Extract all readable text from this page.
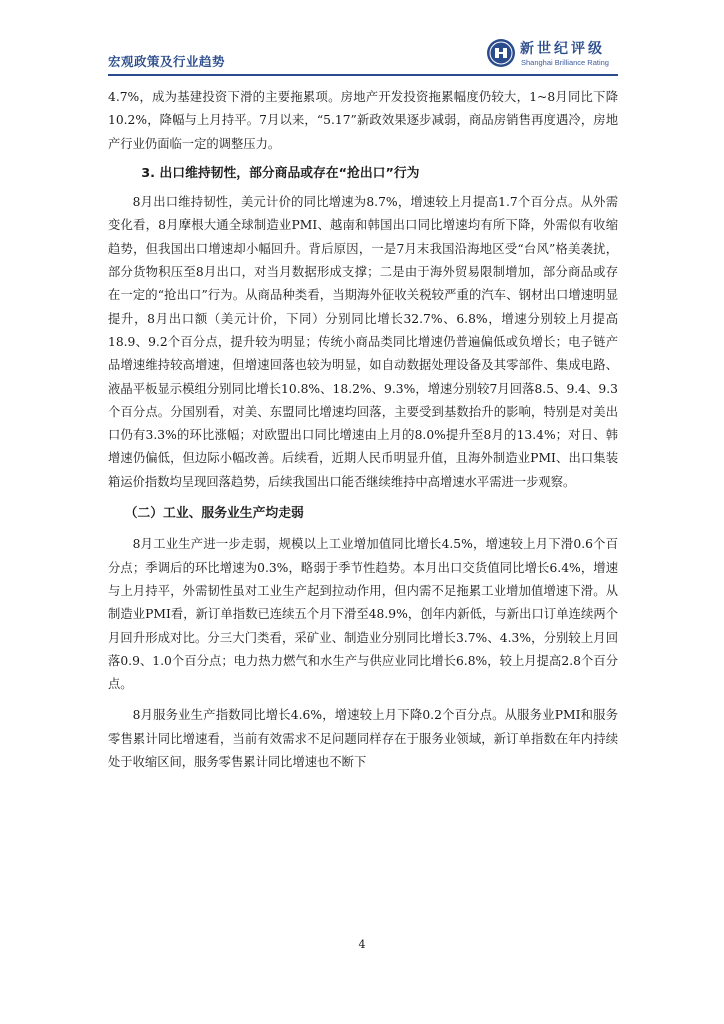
宏观政策及行业趋势
新世纪评级
Shanghai Brilliance Rating

4.7%，成为基建投资下滑的主要拖累项。房地产开发投资拖累幅度仍较大，1~8月同比下降10.2%，降幅与上月持平。7月以来，“5.17”新政效果逐步减弱，商品房销售再度遇冷，房地产行业仍面临一定的调整压力。

3. 出口维持韧性，部分商品或存在“抢出口”行为

8月出口维持韧性，美元计价的同比增速为8.7%，增速较上月提高1.7个百分点。从外需变化看，8月摩根大通全球制造业PMI、越南和韩国出口同比增速均有所下降，外需似有收缩趋势，但我国出口增速却小幅回升。背后原因，一是7月末我国沿海地区受“台风”格美袭扰，部分货物积压至8月出口，对当月数据形成支撑；二是由于海外贸易限制增加，部分商品或存在一定的“抢出口”行为。从商品种类看，当期海外征收关税较严重的汽车、钢材出口增速明显提升，8月出口额（美元计价，下同）分别同比增长32.7%、6.8%，增速分别较上月提高18.9、9.2个百分点，提升较为明显；传统小商品类同比增速仍普遍偏低或负增长；电子链产品增速维持较高增速，但增速回落也较为明显，如自动数据处理设备及其零部件、集成电路、液晶平板显示模组分别同比增长10.8%、18.2%、9.3%，增速分别较7月回落8.5、9.4、9.3个百分点。分国别看，对美、东盟同比增速均回落，主要受到基数抬升的影响，特别是对美出口仍有3.3%的环比涨幅；对欧盟出口同比增速由上月的8.0%提升至8月的13.4%；对日、韩增速仍偏低，但边际小幅改善。后续看，近期人民币明显升值，且海外制造业PMI、出口集装箱运价指数均呈现回落趋势，后续我国出口能否继续维持中高增速水平需进一步观察。

（二）工业、服务业生产均走弱

8月工业生产进一步走弱，规模以上工业增加值同比增长4.5%，增速较上月下滑0.6个百分点；季调后的环比增速为0.3%，略弱于季节性趋势。本月出口交货值同比增长6.4%，增速与上月持平，外需韧性虽对工业生产起到拉动作用，但内需不足拖累工业增加值增速下滑。从制造业PMI看，新订单指数已连续五个月下滑至48.9%，创年内新低，与新出口订单连续两个月回升形成对比。分三大门类看，采矿业、制造业分别同比增长3.7%、4.3%，分别较上月回落0.9、1.0个百分点；电力热力燃气和水生产与供应业同比增长6.8%，较上月提高2.8个百分点。

8月服务业生产指数同比增长4.6%，增速较上月下降0.2个百分点。从服务业PMI和服务零售累计同比增速看，当前有效需求不足问题同样存在于服务业领域，新订单指数在年内持续处于收缩区间，服务零售累计同比增速也不断下

4
